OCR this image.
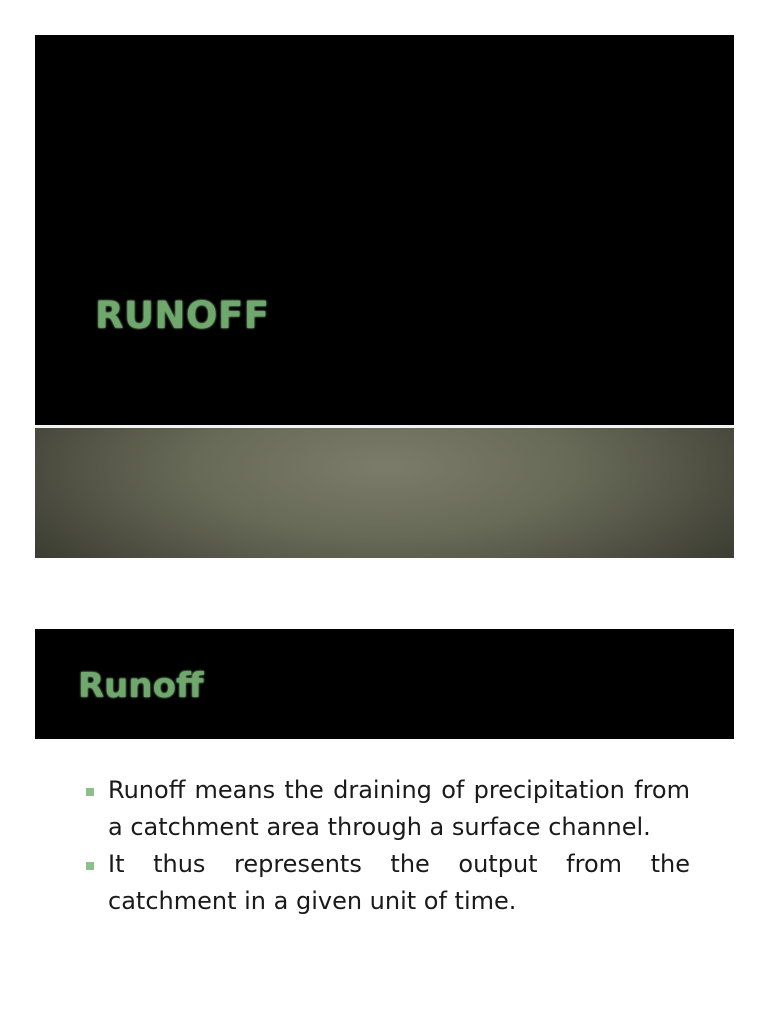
RUNOFF
Runoff
Runoff means the draining of precipitation from a catchment area through a surface channel.
It thus represents the output from the catchment in a given unit of time.
